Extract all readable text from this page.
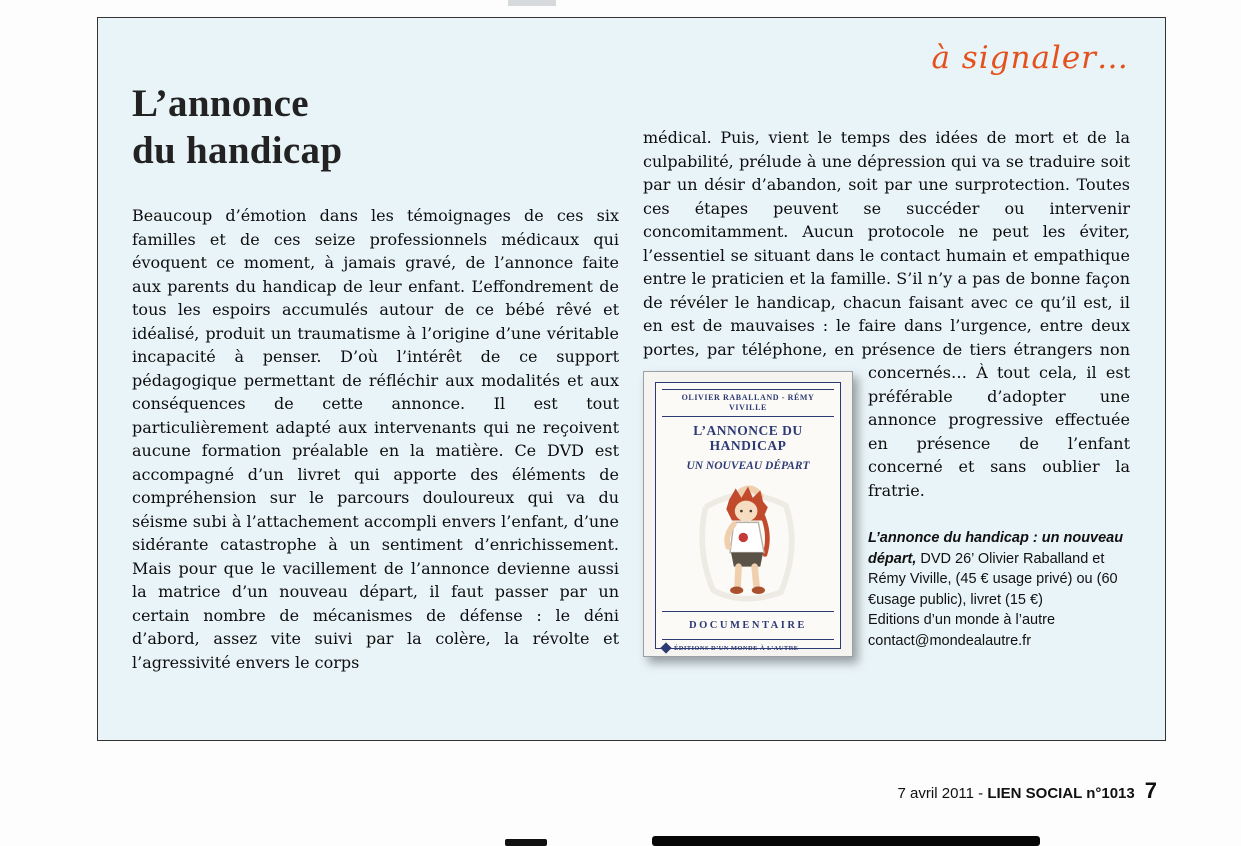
à signaler…
L’annonce
du handicap
Beaucoup d’émotion dans les témoignages de ces six familles et de ces seize professionnels médicaux qui évoquent ce moment, à jamais gravé, de l’annonce faite aux parents du handicap de leur enfant. L’effondrement de tous les espoirs accumulés autour de ce bébé rêvé et idéalisé, produit un traumatisme à l’origine d’une véritable incapacité à penser. D’où l’intérêt de ce support pédagogique permettant de réfléchir aux modalités et aux conséquences de cette annonce. Il est tout particulièrement adapté aux intervenants qui ne reçoivent aucune formation préalable en la matière. Ce DVD est accompagné d’un livret qui apporte des éléments de compréhension sur le parcours douloureux qui va du séisme subi à l’attachement accompli envers l’enfant, d’une sidérante catastrophe à un sentiment d’enrichissement. Mais pour que le vacillement de l’annonce devienne aussi la matrice d’un nouveau départ, il faut passer par un certain nombre de mécanismes de défense : le déni d’abord, assez vite suivi par la colère, la révolte et l’agressivité envers le corps
médical. Puis, vient le temps des idées de mort et de la culpabilité, prélude à une dépression qui va se traduire soit par un désir d’abandon, soit par une surprotection. Toutes ces étapes peuvent se succéder ou intervenir concomitamment. Aucun protocole ne peut les éviter, l’essentiel se situant dans le contact humain et empathique entre le praticien et la famille. S’il n’y a pas de bonne façon de révéler le handicap, chacun faisant avec ce qu’il est, il en est de mauvaises : le faire dans l’urgence, entre deux portes, par téléphone, en présence de tiers étrangers non concernés… À tout
OLIVIER RABALLAND - RÉMY VIVILLE
L’ANNONCE DU HANDICAP
UN NOUVEAU DÉPART
DOCUMENTAIRE
ÉDITIONS D’UN MONDE À L’AUTRE
cela, il est préférable d’adopter une annonce progressive effectuée en présence de l’enfant concerné et sans oublier la fratrie.
L’annonce du handicap : un nouveau départ, DVD 26’ Olivier Raballand et Rémy Viville, (45 € usage privé) ou (60 €usage public), livret (15 €)
Editions d’un monde à l’autre
contact@mondealautre.fr
7 avril 2011 - LIEN SOCIAL n°1013 7
